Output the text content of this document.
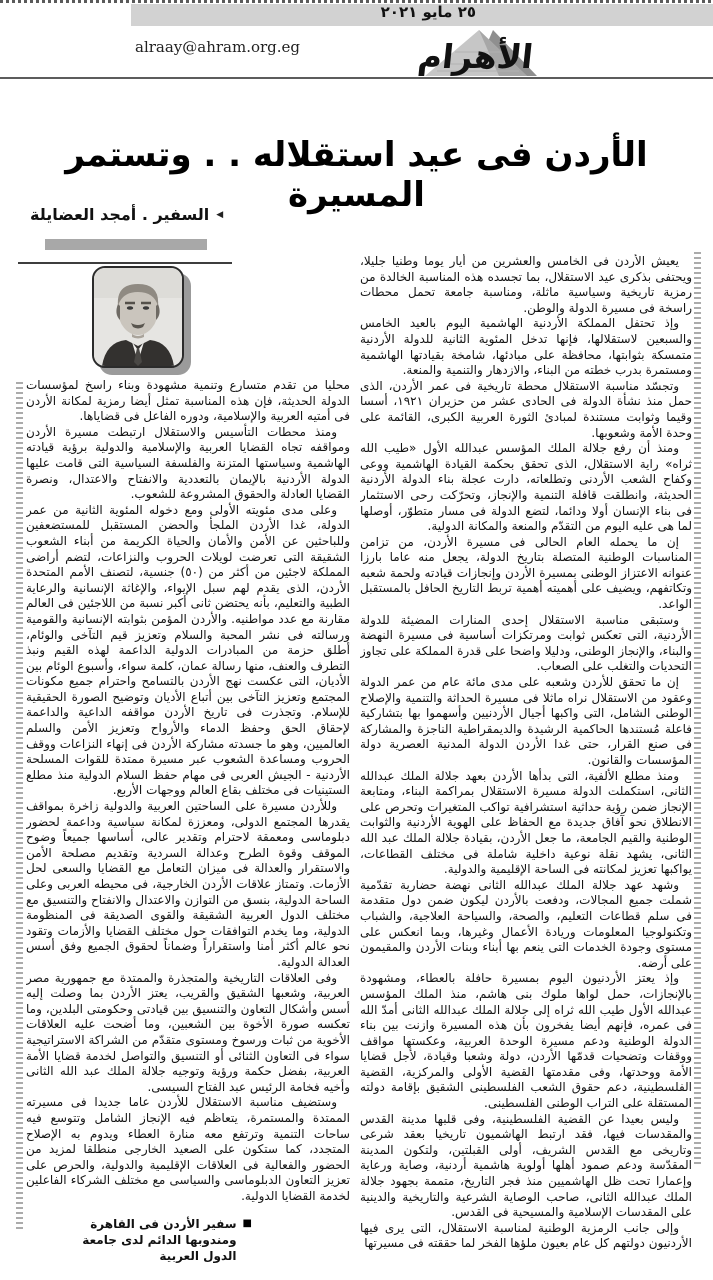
٢٥ مايو ٢٠٢١
alraay@ahram.org.eg	الأهرام
الأردن فى عيد استقلاله . . وتستمر المسيرة
السفير . أمجد العضايلة ◀

يعيش الأردن فى الخامس والعشرين من أيار يوما وطنيا جليلا، ويحتفى بذكرى عيد الاستقلال، بما تجسده هذه المناسبة الخالدة من رمزية تاريخية وسياسية ماثلة، ومناسبة جامعة تحمل محطات راسخة فى مسيرة الدولة والوطن.

وإذ تحتفل المملكة الأردنية الهاشمية اليوم بالعيد الخامس والسبعين لاستقلالها، فإنها تدخل المئوية الثانية للدولة الأردنية متمسكة بثوابتها، محافظة على مبادئها، شامخة بقيادتها الهاشمية ومستمرة بدرب خطته من البناء، والازدهار والتنمية والمنعة.

وتجسّد مناسبة الاستقلال محطة تاريخية فى عمر الأردن، الذى حمل منذ نشأة الدولة فى الحادى عشر من حزيران ١٩٢١، أسسا وقيما وثوابت مستندة لمبادئ الثورة العربية الكبرى، القائمة على وحدة الأمة وشعوبها.

ومنذ أن رفع جلالة الملك المؤسس عبدالله الأول «طيب الله ثراه» راية الاستقلال، الذى تحقق بحكمة القيادة الهاشمية ووعى وكفاح الشعب الأردنى وتطلعاته، دارت عجلة بناء الدولة الأردنية الحديثة، وانطلقت قافلة التنمية والإنجاز، وتحرّكت رحى الاستثمار فى بناء الإنسان أولا ودائما، لتضع الدولة فى مسار متطوّر، أوصلها لما هى عليه اليوم من التقدّم والمنعة والمكانة الدولية.

إن ما يحمله العام الحالى فى مسيرة الأردن، من تزامن المناسبات الوطنية المتصلة بتاريخ الدولة، يجعل منه عاما بارزا عنوانه الاعتزاز الوطنى بمسيرة الأردن وإنجازات قيادته ولحمة شعبه وتكاتفهم، ويضيف على أهميته أهمية تربط التاريخ الحافل بالمستقبل الواعد.

وستبقى مناسبة الاستقلال إحدى المنارات المضيئة للدولة الأردنية، التى تعكس ثوابت ومرتكزات أساسية فى مسيرة النهضة والبناء، والإنجاز الوطنى، ودليلا واضحا على قدرة المملكة على تجاوز التحديات والتغلب على الصعاب.

إن ما تحقق للأردن وشعبه على مدى مائة عام من عمر الدولة وعقود من الاستقلال نراه ماثلا فى مسيرة الحداثة والتنمية والإصلاح الوطنى الشامل، التى واكبها أجيال الأردنيين وأسهموا بها بتشاركية فاعلة مُستندها الحاكمية الرشيدة والديمقراطية الناجزة والمشاركة فى صنع القرار، حتى غدا الأردن الدولة المدنية العصرية دولة المؤسسات والقانون.

ومنذ مطلع الألفية، التى بدأها الأردن بعهد جلالة الملك عبدالله الثانى، استكملت الدولة مسيرة الاستقلال بمراكمة البناء، ومتابعة الإنجاز ضمن رؤية حداثية استشرافية تواكب المتغيرات وتحرص على الانطلاق نحو آفاق جديدة مع الحفاظ على الهوية الأردنية والثوابت الوطنية والقيم الجامعة، ما جعل الأردن، بقيادة جلالة الملك عبد الله الثانى، يشهد نقلة نوعية داخلية شاملة فى مختلف القطاعات، يواكبها تعزيز لمكانته فى الساحة الإقليمية والدولية.

وشهد عهد جلالة الملك عبدالله الثانى نهضة حضارية تقدّمية شملت جميع المجالات، ودفعت بالأردن ليكون ضمن دول متقدمة فى سلم قطاعات التعليم، والصحة، والسياحة العلاجية، والشباب وتكنولوجيا المعلومات وريادة الأعمال وغيرها، وبما انعكس على مستوى وجودة الخدمات التى ينعم بها أبناء وبنات الأردن والمقيمون على أرضه.

وإذ يعتز الأردنيون اليوم بمسيرة حافلة بالعطاء، ومشهودة بالإنجازات، حمل لواها ملوك بنى هاشم، منذ الملك المؤسس عبدالله الأول طيب الله ثراه إلى جلالة الملك عبدالله الثانى أمدّ الله فى عمره، فإنهم أيضا يفخرون بأن هذه المسيرة وازنت بين بناء الدولة الوطنية ودعم مسيرة الوحدة العربية، وعكستها مواقف ووقفات وتضحيات قدمّها الأردن، دولة وشعبا وقيادة، لأجل قضايا الأمة ووحدتها، وفى مقدمتها القضية الأولى والمركزية، القضية الفلسطينية، دعم حقوق الشعب الفلسطينى الشقيق بإقامة دولته المستقلة على التراب الوطنى الفلسطينى.

وليس بعيدا عن القضية الفلسطينية، وفى قلبها مدينة القدس والمقدسات فيها، فقد ارتبط الهاشميون تاريخيا بعقد شرعى وتاريخى مع القدس الشريف، أولى القبلتين، ولتكون المدينة المقدّسة ودعم صمود أهلها أولوية هاشمية أردنية، وصاية ورعاية وإعمارا تحت ظل الهاشميين منذ فجر التاريخ، متممة بجهود جلالة الملك عبدالله الثانى، صاحب الوصاية الشرعية والتاريخية والدينية على المقدسات الإسلامية والمسيحية فى القدس.

وإلى جانب الرمزية الوطنية لمناسبة الاستقلال، التى يرى فيها الأردنيون دولتهم كل عام بعيون ملؤها الفخر لما حققته فى مسيرتها

محليا من تقدم متسارع وتنمية مشهودة وبناء راسخ لمؤسسات الدولة الحديثة، فإن هذه المناسبة تمثل أيضا رمزية لمكانة الأردن فى أمتيه العربية والإسلامية، ودوره الفاعل فى قضاياها.

ومنذ محطات التأسيس والاستقلال ارتبطت مسيرة الأردن ومواقفه تجاه القضايا العربية والإسلامية والدولية برؤية قيادته الهاشمية وسياستها المتزنة والفلسفة السياسية التى قامت عليها الدولة الأردنية بالإيمان بالتعددية والانفتاح والاعتدال، ونصرة القضايا العادلة والحقوق المشروعة للشعوب.

وعلى مدى مئويته الأولى ومع دخوله المئوية الثانية من عمر الدولة، غدا الأردن الملجأ والحضن المستقبل للمستضعفين وللباحثين عن الأمن والأمان والحياة الكريمة من أبناء الشعوب الشقيقة التى تعرضت لويلات الحروب والنزاعات، لتضم أراضى المملكة لاجئين من أكثر من (٥٠) جنسية، لتصنف الأمم المتحدة الأردن، الذى يقدم لهم سبل الإيواء، والإغاثة الإنسانية والرعاية الطبية والتعليم، بأنه يحتضن ثانى أكبر نسبة من اللاجئين فى العالم مقارنة مع عدد مواطنيه. والأردن المؤمن بثوابته الإنسانية والقومية ورسالته فى نشر المحبة والسلام وتعزيز قيم التآخى والوئام، أطلق حزمة من المبادرات الدولية الداعمة لهذه القيم ونبذ التطرف والعنف، منها رسالة عمان، كلمة سواء، وأسبوع الوئام بين الأديان، التى عكست نهج الأردن بالتسامح واحترام جميع مكونات المجتمع وتعزيز التآخى بين أتباع الأديان وتوضيح الصورة الحقيقية للإسلام. وتجذرت فى تاريخ الأردن مواقفه الداعية والداعمة لإحقاق الحق وحفظ الدماء والأرواح وتعزيز الأمن والسلم العالميين، وهو ما جسدته مشاركة الأردن فى إنهاء النزاعات ووقف الحروب ومساعدة الشعوب عبر مسيرة ممتدة للقوات المسلحة الأردنية - الجيش العربى فى مهام حفظ السلام الدولية منذ مطلع الستينيات فى مختلف بقاع العالم ووجهات الأربع.

وللأردن مسيرة على الساحتين العربية والدولية زاخرة بمواقف يقدرها المجتمع الدولى، ومعززة لمكانة سياسية وداعمة لحضور دبلوماسى ومعمقة لاحترام وتقدير عالى، أساسها جميعاً وضوح الموقف وقوة الطرح وعدالة السردية وتقديم مصلحة الأمن والاستقرار والعدالة فى ميزان التعامل مع القضايا والسعى لحل الأزمات. وتمتاز علاقات الأردن الخارجية، فى محيطه العربى وعلى الساحة الدولية، بنسق من التوازن والاعتدال والانفتاح والتنسيق مع مختلف الدول العربية الشقيقة والقوى الصديقة فى المنظومة الدولية، وما يخدم التوافقات حول مختلف القضايا والأزمات وتقود نحو عالم أكثر أمنا واستقراراً وضماناً لحقوق الجميع وفق أسس العدالة الدولية.

وفى العلاقات التاريخية والمتجذرة والممتدة مع جمهورية مصر العربية، وشعبها الشقيق والقريب، يعتز الأردن بما وصلت إليه أسس وأشكال التعاون والتنسيق بين قيادتى وحكومتى البلدين، وما تعكسه صورة الأخوة بين الشعبين، وما أضحت عليه العلاقات الأخوية من ثبات ورسوخ ومستوى متقدّم من الشراكة الاستراتيجية سواء فى التعاون الثنائى أو التنسيق والتواصل لخدمة قضايا الأمة العربية، بفضل حكمة ورؤية وتوجيه جلالة الملك عبد الله الثانى وأخيه فخامة الرئيس عبد الفتاح السيسى.

وستضيف مناسبة الاستقلال للأردن عاما جديدا فى مسيرته الممتدة والمستمرة، يتعاظم فيه الإنجاز الشامل وتتوسع فيه ساحات التنمية وترتفع معه منارة العطاء ويدوم به الإصلاح المتجدد، كما ستكون على الصعيد الخارجى منطلقا لمزيد من الحضور والفعالية فى العلاقات الإقليمية والدولية، والحرص على تعزيز التعاون الدبلوماسى والسياسى مع مختلف الشركاء الفاعلين لخدمة القضايا الدولية.

■
سفير الأردن فى القاهرة ومندوبها الدائم لدى جامعة الدول العربية
